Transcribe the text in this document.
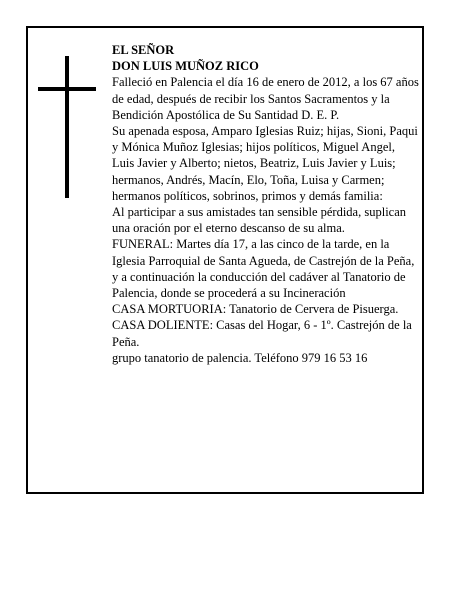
EL SEÑOR

DON LUIS MUÑOZ RICO

Falleció en Palencia el día 16 de enero de 2012, a los 67 años de edad, después de recibir los Santos Sacramentos y la Bendición Apostólica de Su Santidad D. E. P.

Su apenada esposa, Amparo Iglesias Ruiz; hijas, Sioni, Paqui y Mónica Muñoz Iglesias; hijos políticos, Miguel Angel, Luis Javier y Alberto; nietos, Beatriz, Luis Javier y Luis; hermanos, Andrés, Macín, Elo, Toña, Luisa y Carmen; hermanos políticos, sobrinos, primos y demás familia:

Al participar a sus amistades tan sensible pérdida, suplican una oración por el eterno descanso de su alma.

FUNERAL: Martes día 17, a las cinco de la tarde, en la Iglesia Parroquial de Santa Agueda, de Castrejón de la Peña, y a continuación la conducción del cadáver al Tanatorio de Palencia, donde se procederá a su Incineración

CASA MORTUORIA: Tanatorio de Cervera de Pisuerga.

CASA DOLIENTE: Casas del Hogar, 6 - 1º. Castrejón de la Peña.

grupo tanatorio de palencia. Teléfono 979 16 53 16
